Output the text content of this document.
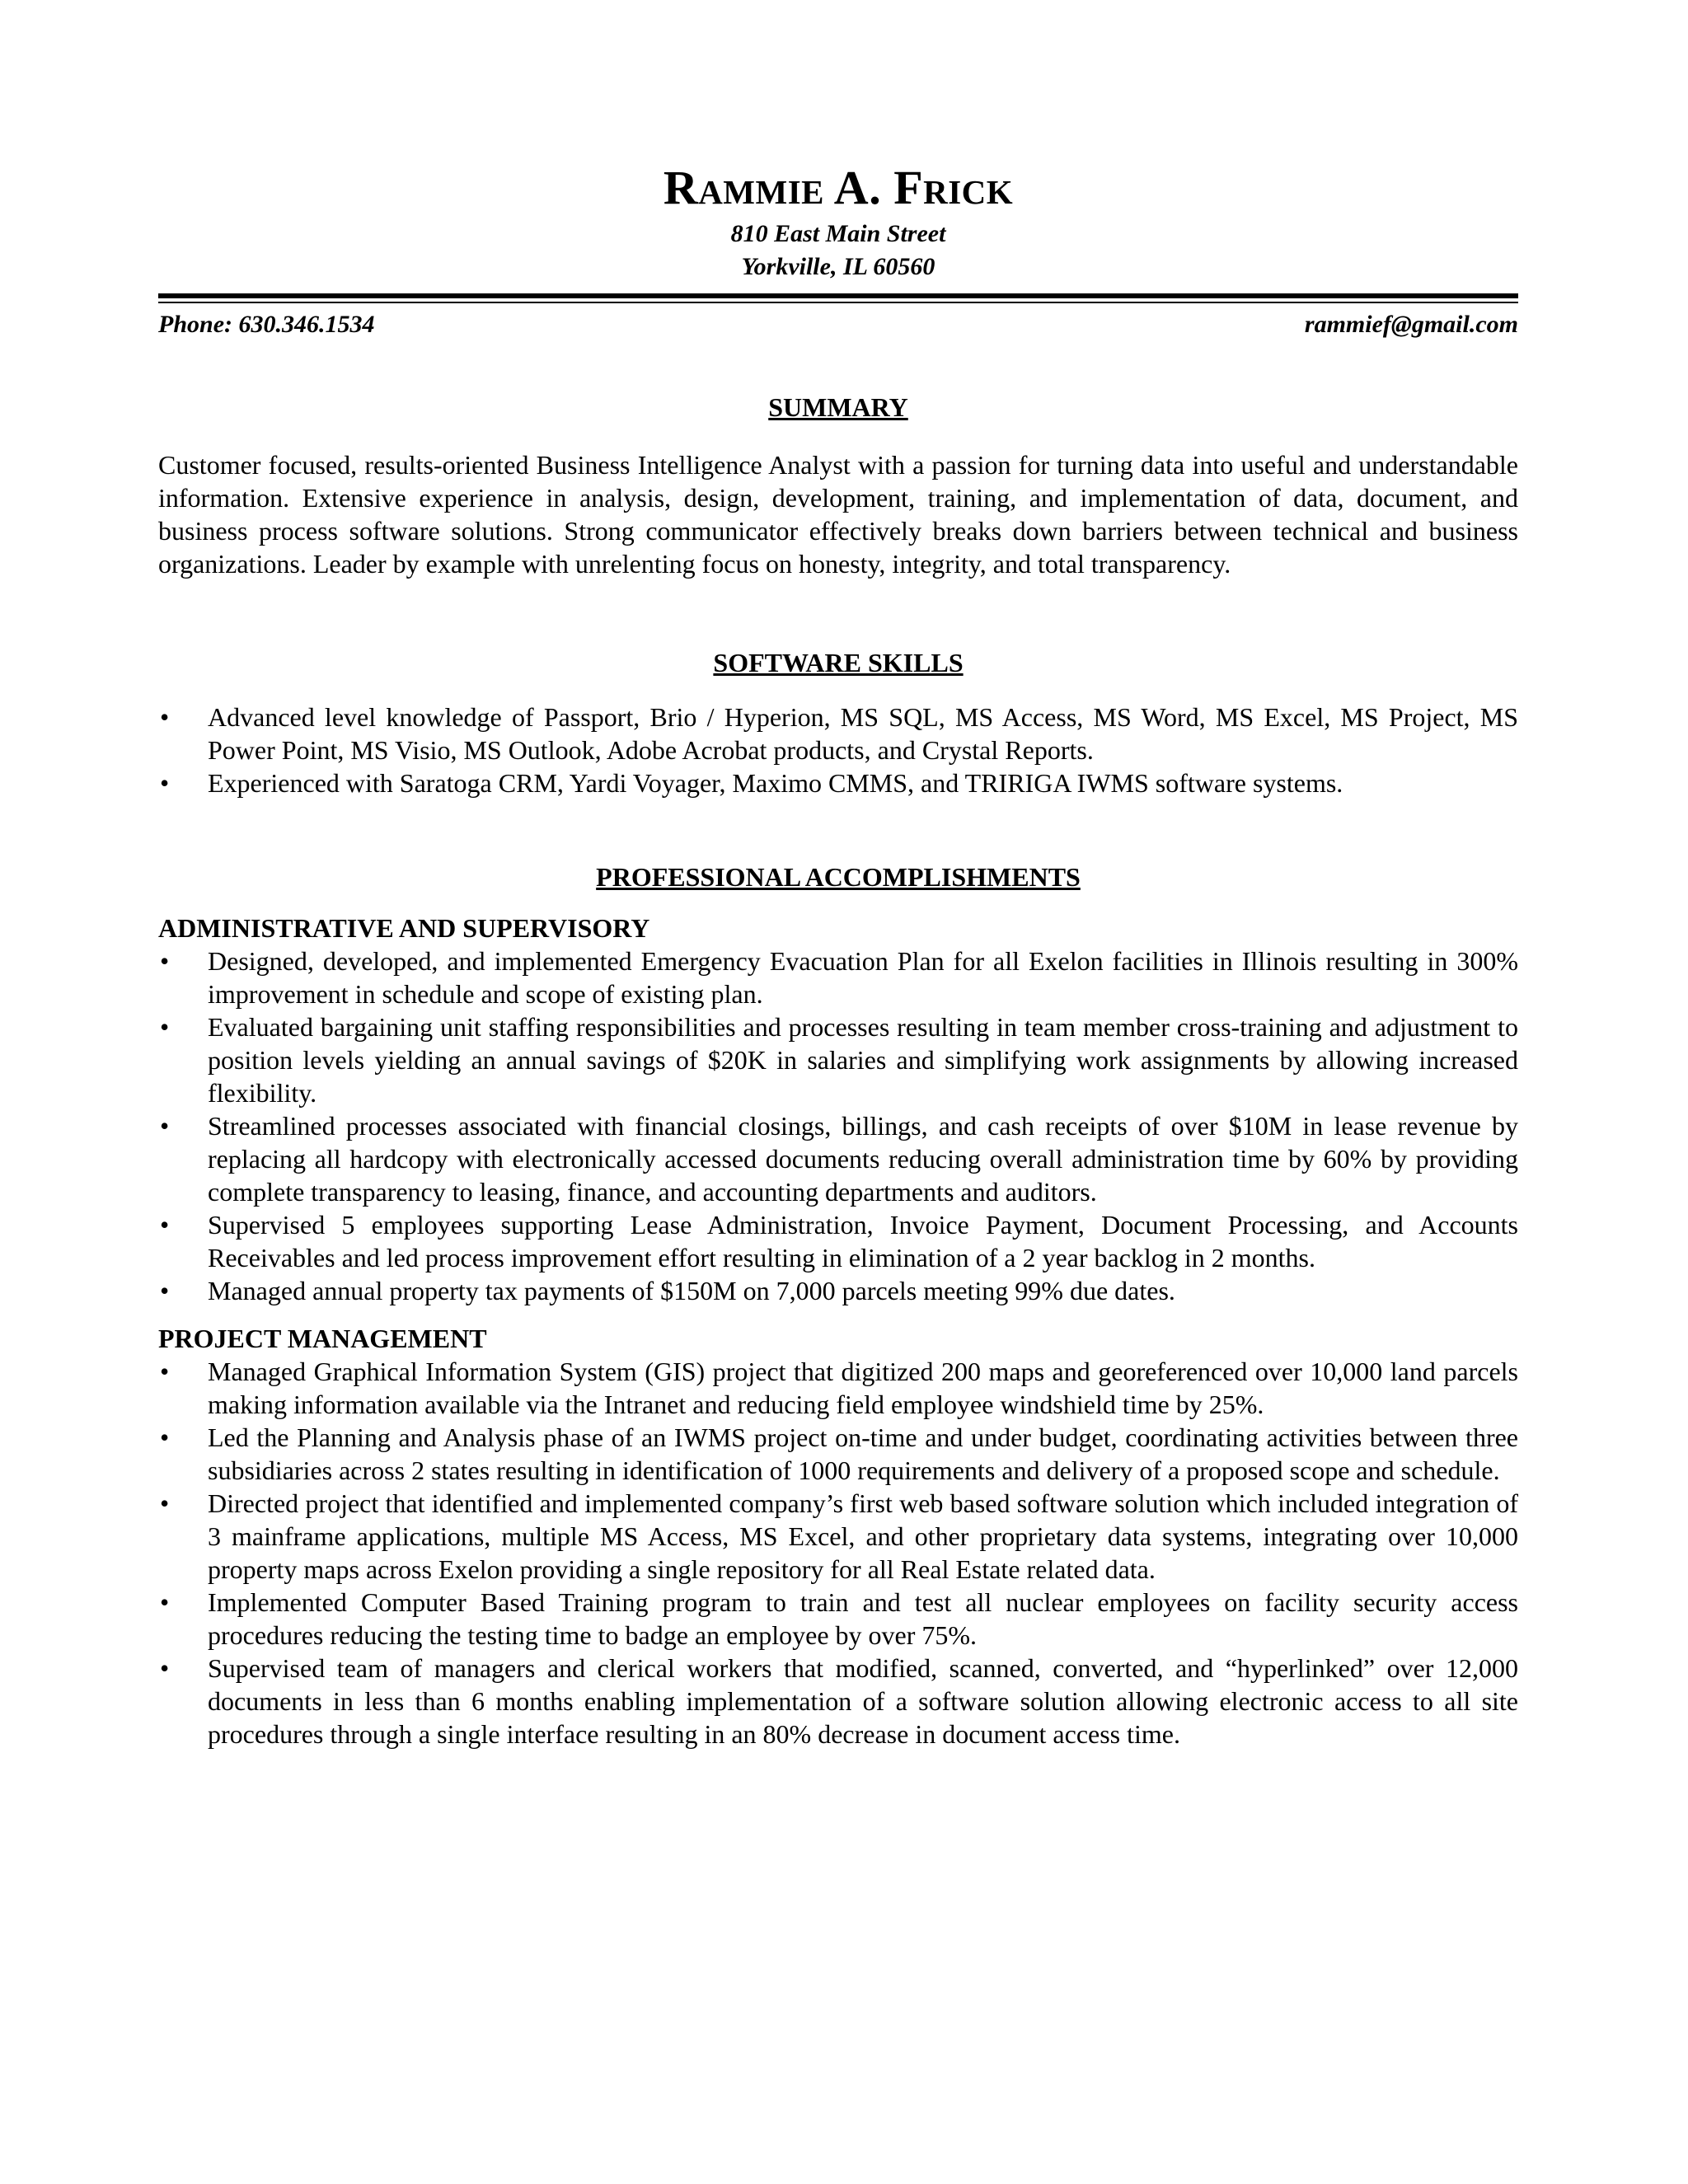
Rammie A. Frick
810 East Main Street
Yorkville, IL 60560
Phone: 630.346.1534	rammief@gmail.com
SUMMARY
Customer focused, results-oriented Business Intelligence Analyst with a passion for turning data into useful and understandable information. Extensive experience in analysis, design, development, training, and implementation of data, document, and business process software solutions. Strong communicator effectively breaks down barriers between technical and business organizations. Leader by example with unrelenting focus on honesty, integrity, and total transparency.
SOFTWARE SKILLS
• Advanced level knowledge of Passport, Brio / Hyperion, MS SQL, MS Access, MS Word, MS Excel, MS Project, MS Power Point, MS Visio, MS Outlook, Adobe Acrobat products, and Crystal Reports.
• Experienced with Saratoga CRM, Yardi Voyager, Maximo CMMS, and TRIRIGA IWMS software systems.
PROFESSIONAL ACCOMPLISHMENTS
ADMINISTRATIVE AND SUPERVISORY
• Designed, developed, and implemented Emergency Evacuation Plan for all Exelon facilities in Illinois resulting in 300% improvement in schedule and scope of existing plan.
• Evaluated bargaining unit staffing responsibilities and processes resulting in team member cross-training and adjustment to position levels yielding an annual savings of $20K in salaries and simplifying work assignments by allowing increased flexibility.
• Streamlined processes associated with financial closings, billings, and cash receipts of over $10M in lease revenue by replacing all hardcopy with electronically accessed documents reducing overall administration time by 60% by providing complete transparency to leasing, finance, and accounting departments and auditors.
• Supervised 5 employees supporting Lease Administration, Invoice Payment, Document Processing, and Accounts Receivables and led process improvement effort resulting in elimination of a 2 year backlog in 2 months.
• Managed annual property tax payments of $150M on 7,000 parcels meeting 99% due dates.
PROJECT MANAGEMENT
• Managed Graphical Information System (GIS) project that digitized 200 maps and georeferenced over 10,000 land parcels making information available via the Intranet and reducing field employee windshield time by 25%.
• Led the Planning and Analysis phase of an IWMS project on-time and under budget, coordinating activities between three subsidiaries across 2 states resulting in identification of 1000 requirements and delivery of a proposed scope and schedule.
• Directed project that identified and implemented company’s first web based software solution which included integration of 3 mainframe applications, multiple MS Access, MS Excel, and other proprietary data systems, integrating over 10,000 property maps across Exelon providing a single repository for all Real Estate related data.
• Implemented Computer Based Training program to train and test all nuclear employees on facility security access procedures reducing the testing time to badge an employee by over 75%.
• Supervised team of managers and clerical workers that modified, scanned, converted, and “hyperlinked” over 12,000 documents in less than 6 months enabling implementation of a software solution allowing electronic access to all site procedures through a single interface resulting in an 80% decrease in document access time.
